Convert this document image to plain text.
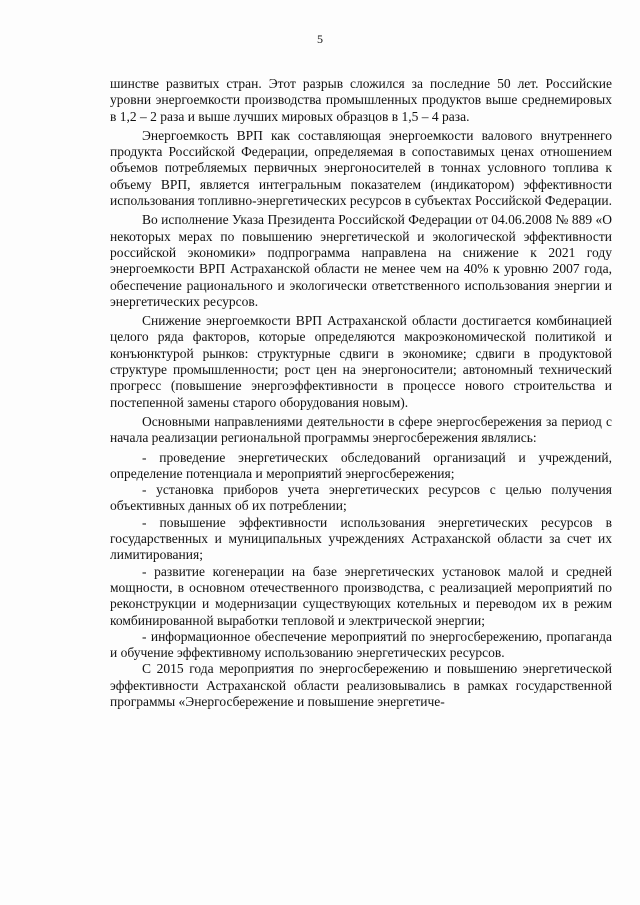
5

шинстве развитых стран. Этот разрыв сложился за последние 50 лет. Российские уровни энергоемкости производства промышленных продуктов выше среднемировых в 1,2 – 2 раза и выше лучших мировых образцов в 1,5 – 4 раза.

Энергоемкость ВРП как составляющая энергоемкости валового внутреннего продукта Российской Федерации, определяемая в сопоставимых ценах отношением объемов потребляемых первичных энергоносителей в тоннах условного топлива к объему ВРП, является интегральным показателем (индикатором) эффективности использования топливно-энергетических ресурсов в субъектах Российской Федерации.

Во исполнение Указа Президента Российской Федерации от 04.06.2008 № 889 «О некоторых мерах по повышению энергетической и экологической эффективности российской экономики» подпрограмма направлена на снижение к 2021 году энергоемкости ВРП Астраханской области не менее чем на 40% к уровню 2007 года, обеспечение рационального и экологически ответственного использования энергии и энергетических ресурсов.

Снижение энергоемкости ВРП Астраханской области достигается комбинацией целого ряда факторов, которые определяются макроэкономической политикой и конъюнктурой рынков: структурные сдвиги в экономике; сдвиги в продуктовой структуре промышленности; рост цен на энергоносители; автономный технический прогресс (повышение энергоэффективности в процессе нового строительства и постепенной замены старого оборудования новым).

Основными направлениями деятельности в сфере энергосбережения за период с начала реализации региональной программы энергосбережения являлись:

- проведение энергетических обследований организаций и учреждений, определение потенциала и мероприятий энергосбережения;

- установка приборов учета энергетических ресурсов с целью получения объективных данных об их потреблении;

- повышение эффективности использования энергетических ресурсов в государственных и муниципальных учреждениях Астраханской области за счет их лимитирования;

- развитие когенерации на базе энергетических установок малой и средней мощности, в основном отечественного производства, с реализацией мероприятий по реконструкции и модернизации существующих котельных и переводом их в режим комбинированной выработки тепловой и электрической энергии;

- информационное обеспечение мероприятий по энергосбережению, пропаганда и обучение эффективному использованию энергетических ресурсов.

С 2015 года мероприятия по энергосбережению и повышению энергетической эффективности Астраханской области реализовывались в рамках государственной программы «Энергосбережение и повышение энергетиче-
